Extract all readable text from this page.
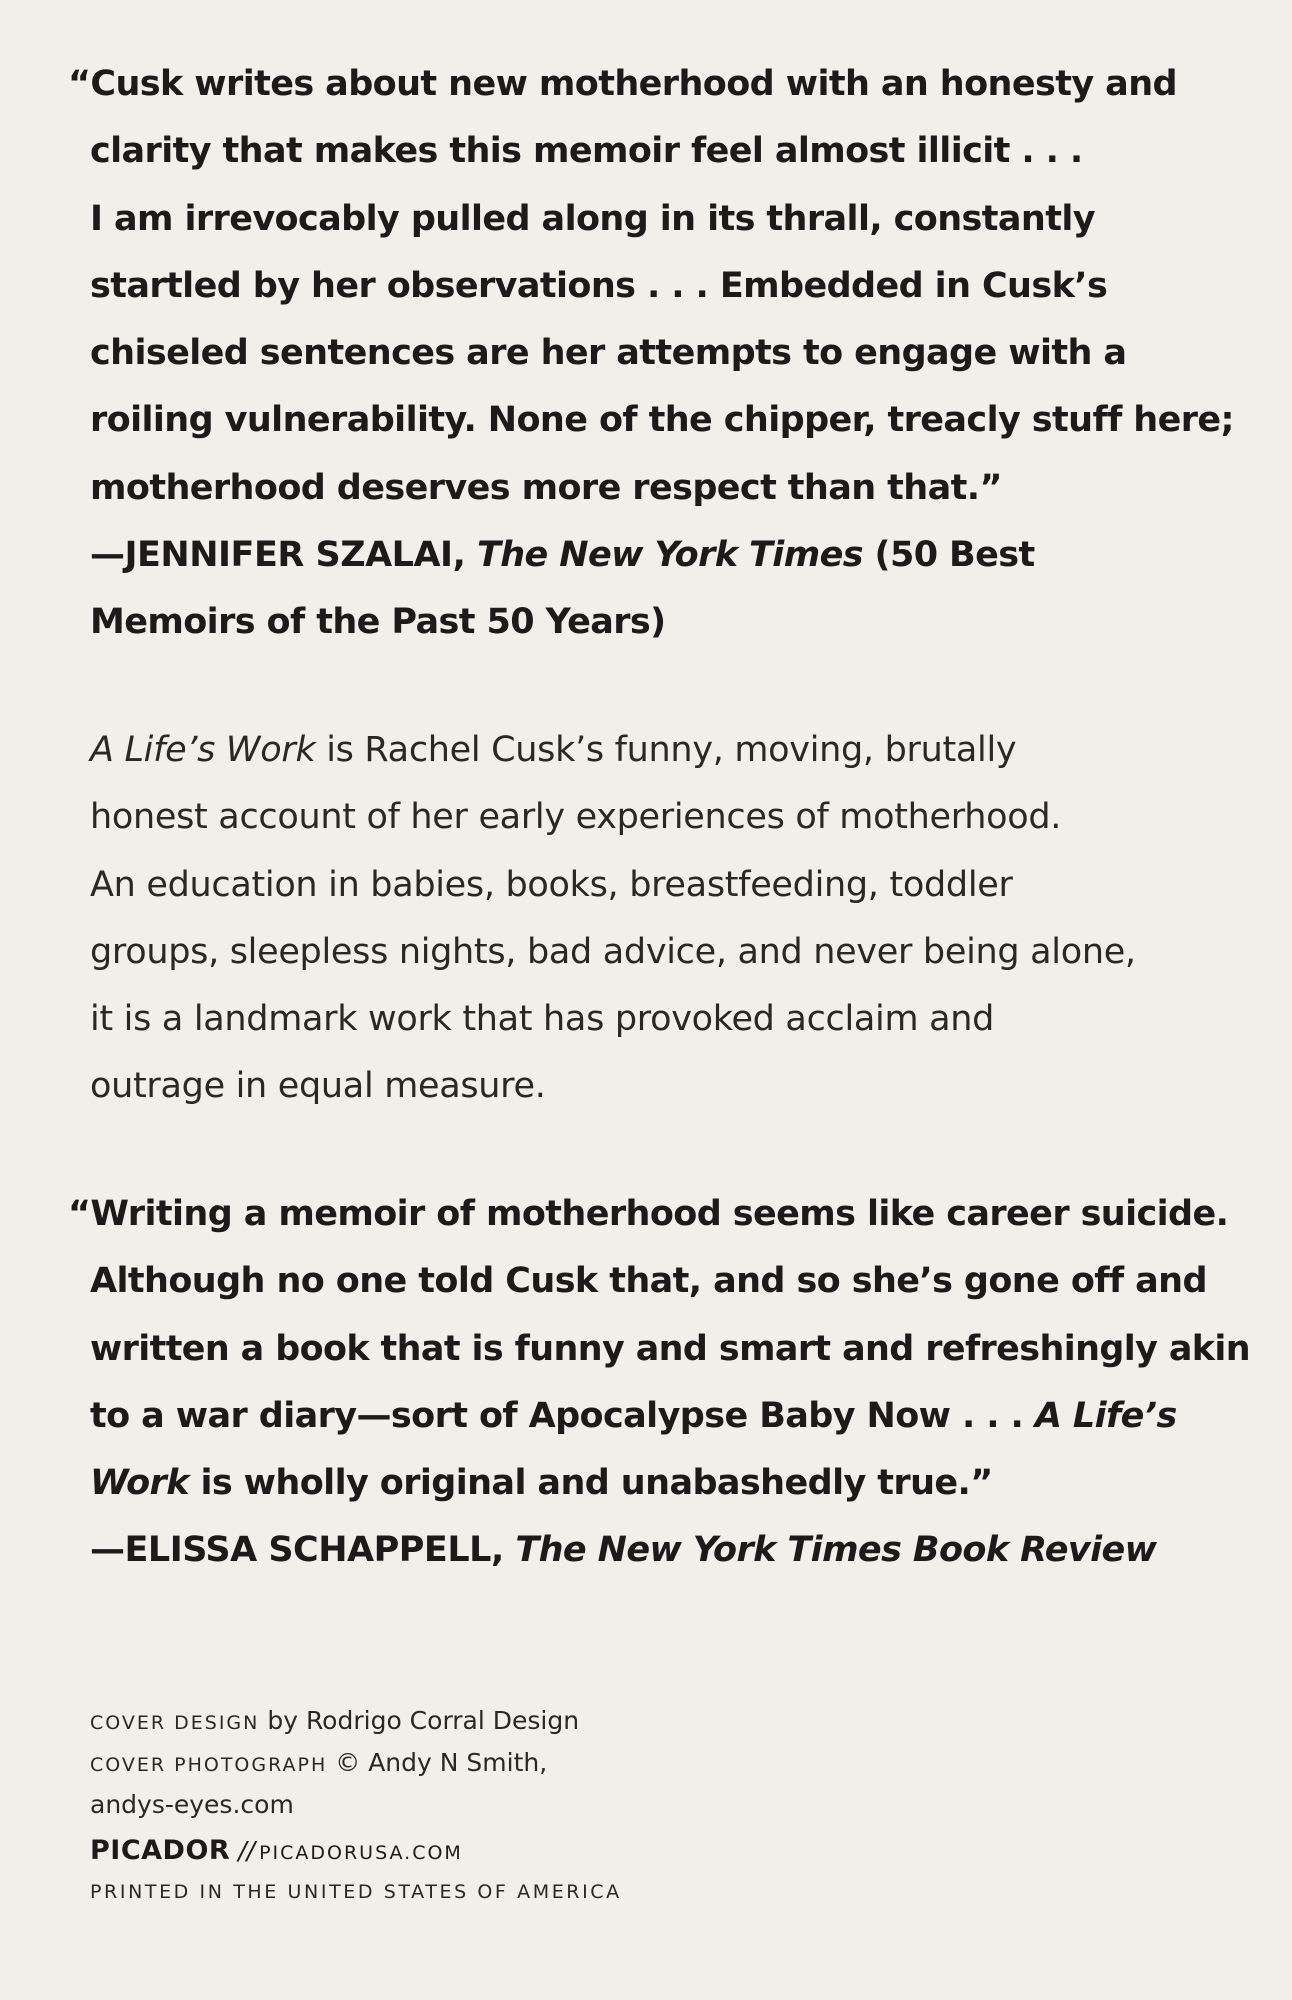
“Cusk writes about new motherhood with an honesty and
clarity that makes this memoir feel almost illicit . . .
I am irrevocably pulled along in its thrall, constantly
startled by her observations . . . Embedded in Cusk’s
chiseled sentences are her attempts to engage with a
roiling vulnerability. None of the chipper, treacly stuff here;
motherhood deserves more respect than that.”
—JENNIFER SZALAI, The New York Times (50 Best
Memoirs of the Past 50 Years)
A Life’s Work is Rachel Cusk’s funny, moving, brutally
honest account of her early experiences of motherhood.
An education in babies, books, breastfeeding, toddler
groups, sleepless nights, bad advice, and never being alone,
it is a landmark work that has provoked acclaim and
outrage in equal measure.
“Writing a memoir of motherhood seems like career suicide.
Although no one told Cusk that, and so she’s gone off and
written a book that is funny and smart and refreshingly akin
to a war diary—sort of Apocalypse Baby Now . . . A Life’s
Work is wholly original and unabashedly true.”
—ELISSA SCHAPPELL, The New York Times Book Review
COVER DESIGN by Rodrigo Corral Design
COVER PHOTOGRAPH © Andy N Smith,
andys-eyes.com
PICADOR // PICADORUSA.COM
PRINTED IN THE UNITED STATES OF AMERICA
